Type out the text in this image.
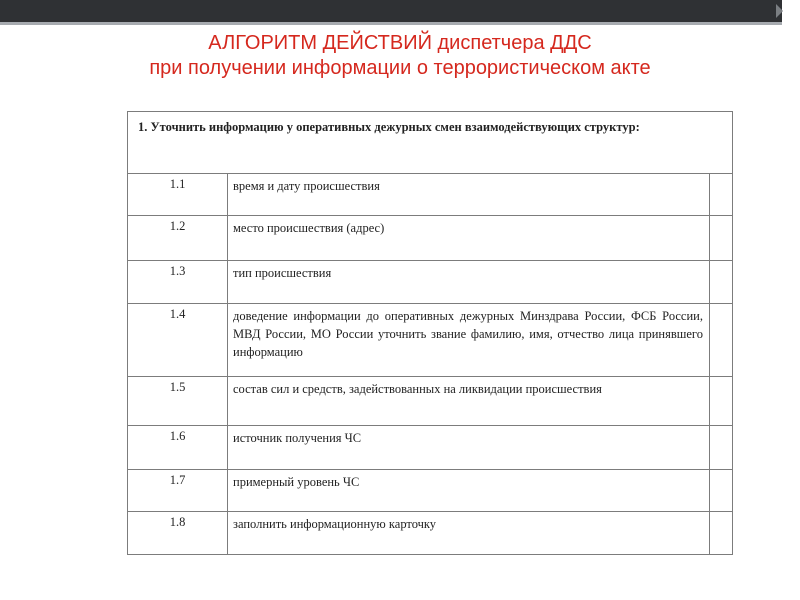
АЛГОРИТМ ДЕЙСТВИЙ диспетчера ДДС
при получении информации о террористическом акте
1. Уточнить информацию у оперативных дежурных смен взаимодействующих структур:		
1.1	время и дату происшествия	
1.2	место происшествия (адрес)	
1.3	тип происшествия	
1.4	доведение информации до оперативных дежурных Минздрава России, ФСБ России, МВД России, МО России уточнить звание фамилию, имя, отчество лица принявшего информацию	
1.5	состав сил и средств, задействованных на ликвидации происшествия	
1.6	источник получения ЧС	
1.7	примерный уровень ЧС	
1.8	заполнить информационную карточку	
